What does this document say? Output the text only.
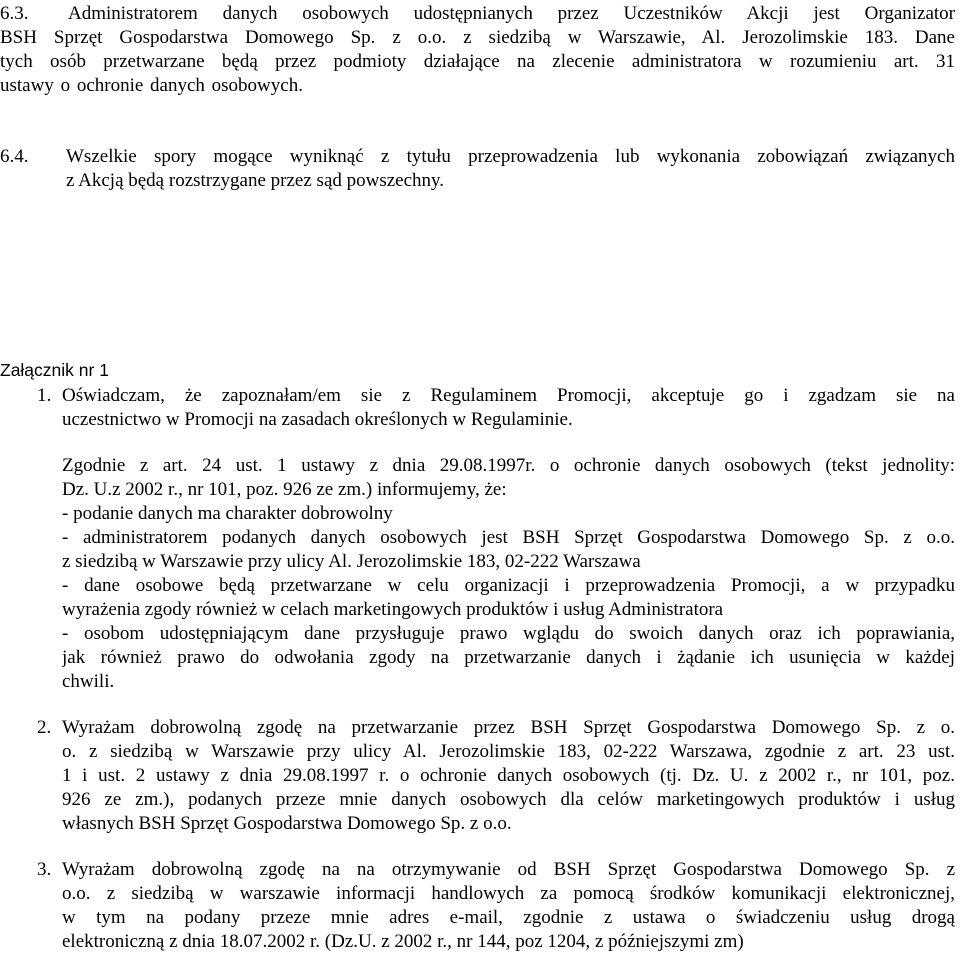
6.3. Administratorem danych osobowych udostępnianych przez Uczestników Akcji jest Organizator
BSH Sprzęt Gospodarstwa Domowego Sp. z o.o. z siedzibą w Warszawie, Al. Jerozolimskie 183. Dane
tych osób przetwarzane będą przez podmioty działające na zlecenie administratora w rozumieniu art. 31
ustawy o ochronie danych osobowych.
6.4. Wszelkie spory mogące wyniknąć z tytułu przeprowadzenia lub wykonania zobowiązań związanych
z Akcją będą rozstrzygane przez sąd powszechny.
Załącznik nr 1
1. Oświadczam, że zapoznałam/em sie z Regulaminem Promocji, akceptuje go i zgadzam sie na
uczestnictwo w Promocji na zasadach określonych w Regulaminie.
Zgodnie z art. 24 ust. 1 ustawy z dnia 29.08.1997r. o ochronie danych osobowych (tekst jednolity:
Dz. U.z 2002 r., nr 101, poz. 926 ze zm.) informujemy, że:
- podanie danych ma charakter dobrowolny
- administratorem podanych danych osobowych jest BSH Sprzęt Gospodarstwa Domowego Sp. z o.o.
z siedzibą w Warszawie przy ulicy Al. Jerozolimskie 183, 02-222 Warszawa
- dane osobowe będą przetwarzane w celu organizacji i przeprowadzenia Promocji, a w przypadku
wyrażenia zgody również w celach marketingowych produktów i usług Administratora
- osobom udostępniającym dane przysługuje prawo wglądu do swoich danych oraz ich poprawiania,
jak również prawo do odwołania zgody na przetwarzanie danych i żądanie ich usunięcia w każdej
chwili.
2. Wyrażam dobrowolną zgodę na przetwarzanie przez BSH Sprzęt Gospodarstwa Domowego Sp. z o.
o. z siedzibą w Warszawie przy ulicy Al. Jerozolimskie 183, 02-222 Warszawa, zgodnie z art. 23 ust.
1 i ust. 2 ustawy z dnia 29.08.1997 r. o ochronie danych osobowych (tj. Dz. U. z 2002 r., nr 101, poz.
926 ze zm.), podanych przeze mnie danych osobowych dla celów marketingowych produktów i usług
własnych BSH Sprzęt Gospodarstwa Domowego Sp. z o.o.
3. Wyrażam dobrowolną zgodę na na otrzymywanie od BSH Sprzęt Gospodarstwa Domowego Sp. z
o.o. z siedzibą w warszawie informacji handlowych za pomocą środków komunikacji elektronicznej,
w tym na podany przeze mnie adres e-mail, zgodnie z ustawa o świadczeniu usług drogą
elektroniczną z dnia 18.07.2002 r. (Dz.U. z 2002 r., nr 144, poz 1204, z późniejszymi zm)
